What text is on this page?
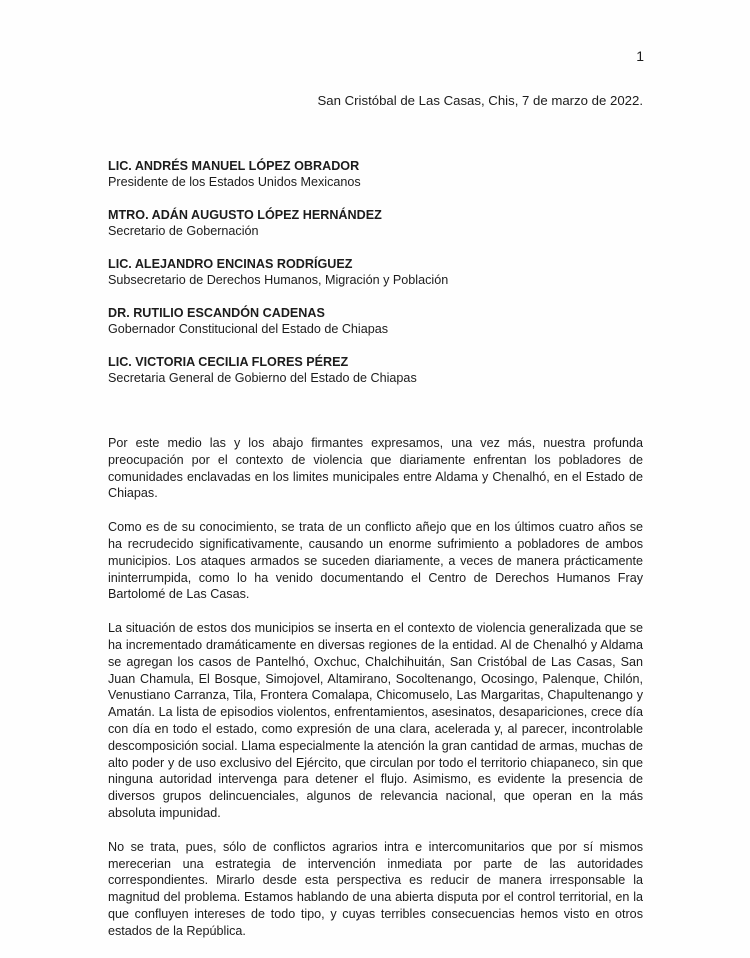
1
San Cristóbal de Las Casas, Chis, 7 de marzo de 2022.
LIC. ANDRÉS MANUEL LÓPEZ OBRADOR
Presidente de los Estados Unidos Mexicanos
MTRO. ADÁN AUGUSTO LÓPEZ HERNÁNDEZ
Secretario de Gobernación
LIC. ALEJANDRO ENCINAS RODRÍGUEZ
Subsecretario de Derechos Humanos, Migración y Población
DR. RUTILIO ESCANDÓN CADENAS
Gobernador Constitucional del Estado de Chiapas
LIC. VICTORIA CECILIA FLORES PÉREZ
Secretaria General de Gobierno del Estado de Chiapas

Por este medio las y los abajo firmantes expresamos, una vez más, nuestra profunda preocupación por el contexto de violencia que diariamente enfrentan los pobladores de comunidades enclavadas en los limites municipales entre Aldama y Chenalhó, en el Estado de Chiapas.

Como es de su conocimiento, se trata de un conflicto añejo que en los últimos cuatro años se ha recrudecido significativamente, causando un enorme sufrimiento a pobladores de ambos municipios. Los ataques armados se suceden diariamente, a veces de manera prácticamente ininterrumpida, como lo ha venido documentando el Centro de Derechos Humanos Fray Bartolomé de Las Casas.

La situación de estos dos municipios se inserta en el contexto de violencia generalizada que se ha incrementado dramáticamente en diversas regiones de la entidad. Al de Chenalhó y Aldama se agregan los casos de Pantelhó, Oxchuc, Chalchihuitán, San Cristóbal de Las Casas, San Juan Chamula, El Bosque, Simojovel, Altamirano, Socoltenango, Ocosingo, Palenque, Chilón, Venustiano Carranza, Tila, Frontera Comalapa, Chicomuselo, Las Margaritas, Chapultenango y Amatán. La lista de episodios violentos, enfrentamientos, asesinatos, desapariciones, crece día con día en todo el estado, como expresión de una clara, acelerada y, al parecer, incontrolable descomposición social. Llama especialmente la atención la gran cantidad de armas, muchas de alto poder y de uso exclusivo del Ejército, que circulan por todo el territorio chiapaneco, sin que ninguna autoridad intervenga para detener el flujo. Asimismo, es evidente la presencia de diversos grupos delincuenciales, algunos de relevancia nacional, que operan en la más absoluta impunidad.

No se trata, pues, sólo de conflictos agrarios intra e intercomunitarios que por sí mismos merecerian una estrategia de intervención inmediata por parte de las autoridades correspondientes. Mirarlo desde esta perspectiva es reducir de manera irresponsable la magnitud del problema. Estamos hablando de una abierta disputa por el control territorial, en la que confluyen intereses de todo tipo, y cuyas terribles consecuencias hemos visto en otros estados de la República.
